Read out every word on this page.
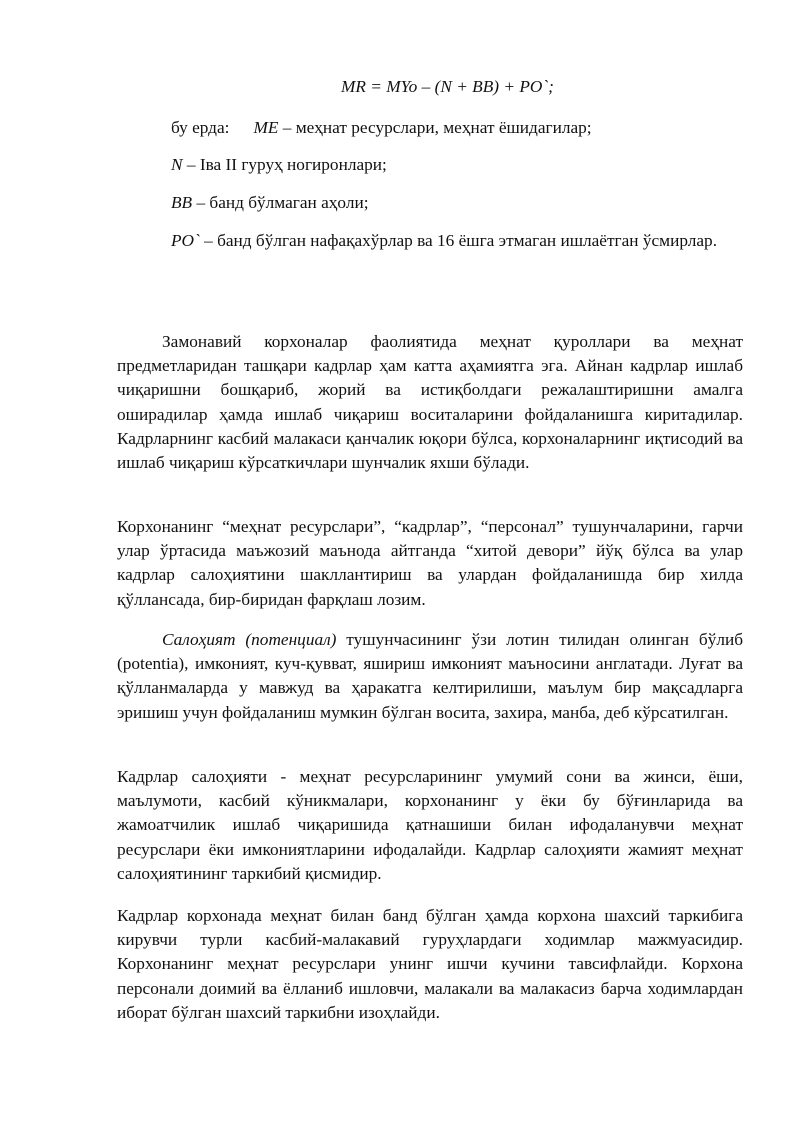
MR = MYo – (N + BB) + PO`;
бу ерда: ME – меҳнат ресурслари, меҳнат ёшидагилар;
N – Iва II гуруҳ ногиронлари;
BB – банд бўлмаган аҳоли;
PO` – банд бўлган нафақахўрлар ва 16 ёшга этмаган ишлаётган ўсмирлар.

Замонавий корхоналар фаолиятида меҳнат қуроллари ва меҳнат предметларидан ташқари кадрлар ҳам катта аҳамиятга эга. Айнан кадрлар ишлаб чиқаришни бошқариб, жорий ва истиқболдаги режалаштиришни амалга оширадилар ҳамда ишлаб чиқариш воситаларини фойдаланишга киритадилар. Кадрларнинг касбий малакаси қанчалик юқори бўлса, корхоналарнинг иқтисодий ва ишлаб чиқариш кўрсаткичлари шунчалик яхши бўлади.

Корхонанинг “меҳнат ресурслари”, “кадрлар”, “персонал” тушунчаларини, гарчи улар ўртасида маъжозий маънода айтганда “хитой девори” йўқ бўлса ва улар кадрлар салоҳиятини шакллантириш ва улардан фойдаланишда бир хилда қўллансада, бир-биридан фарқлаш лозим.

Салоҳият (потенциал) тушунчасининг ўзи лотин тилидан олинган бўлиб (potentia), имконият, куч-қувват, яшириш имконият маъносини англатади. Луғат ва қўлланмаларда у мавжуд ва ҳаракатга келтирилиши, маълум бир мақсадларга эришиш учун фойдаланиш мумкин бўлган восита, захира, манба, деб кўрсатилган.

Кадрлар салоҳияти - меҳнат ресурсларининг умумий сони ва жинси, ёши, маълумоти, касбий кўникмалари, корхонанинг у ёки бу бўғинларида ва жамоатчилик ишлаб чиқаришида қатнашиши билан ифодаланувчи меҳнат ресурслари ёки имкониятларини ифодалайди. Кадрлар салоҳияти жамият меҳнат салоҳиятининг таркибий қисмидир.

Кадрлар корхонада меҳнат билан банд бўлган ҳамда корхона шахсий таркибига кирувчи турли касбий-малакавий гуруҳлардаги ходимлар мажмуасидир. Корхонанинг меҳнат ресурслари унинг ишчи кучини тавсифлайди. Корхона персонали доимий ва ёлланиб ишловчи, малакали ва малакасиз барча ходимлардан иборат бўлган шахсий таркибни изоҳлайди.
